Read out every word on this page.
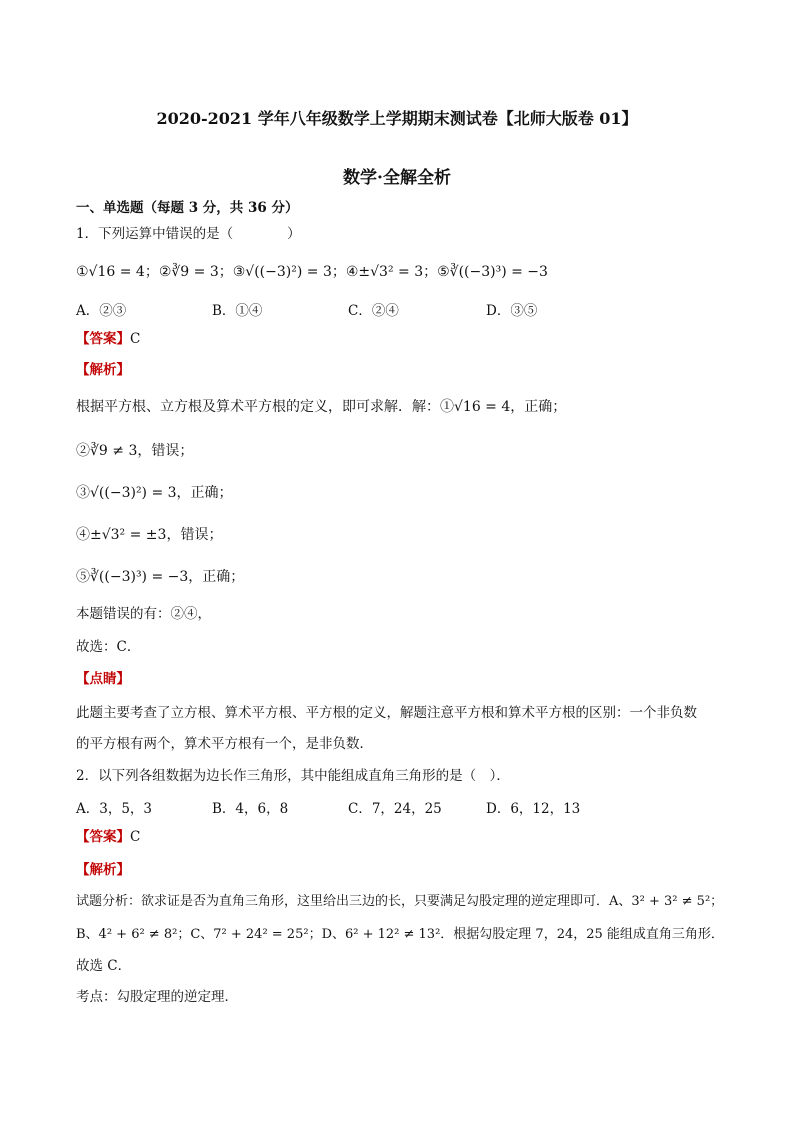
2020-2021 学年八年级数学上学期期末测试卷【北师大版卷 01】
数学·全解全析
一、单选题（每题 3 分，共 36 分）
1．下列运算中错误的是（　　　　）
①√16 = 4；②∛9 = 3；③√((−3)²) = 3；④±√3² = 3；⑤∛((−3)³) = −3
A．②③	B．①④	C．②④	D．③⑤
【答案】C
【解析】
根据平方根、立方根及算术平方根的定义，即可求解．解：①√16 = 4，正确；
②∛9 ≠ 3，错误；
③√((−3)²) = 3，正确；
④±√3² = ±3，错误；
⑤∛((−3)³) = −3，正确；
本题错误的有：②④，
故选：C．
【点睛】
此题主要考查了立方根、算术平方根、平方根的定义，解题注意平方根和算术平方根的区别：一个非负数
的平方根有两个，算术平方根有一个，是非负数．
2．以下列各组数据为边长作三角形，其中能组成直角三角形的是（　）．
A．3，5，3	B．4，6，8	C．7，24，25	D．6，12，13
【答案】C
【解析】
试题分析：欲求证是否为直角三角形，这里给出三边的长，只要满足勾股定理的逆定理即可．A、3² + 3² ≠ 5²；
B、4² + 6² ≠ 8²；C、7² + 24² = 25²；D、6² + 12² ≠ 13²．根据勾股定理 7，24，25 能组成直角三角形．
故选 C．
考点：勾股定理的逆定理．
